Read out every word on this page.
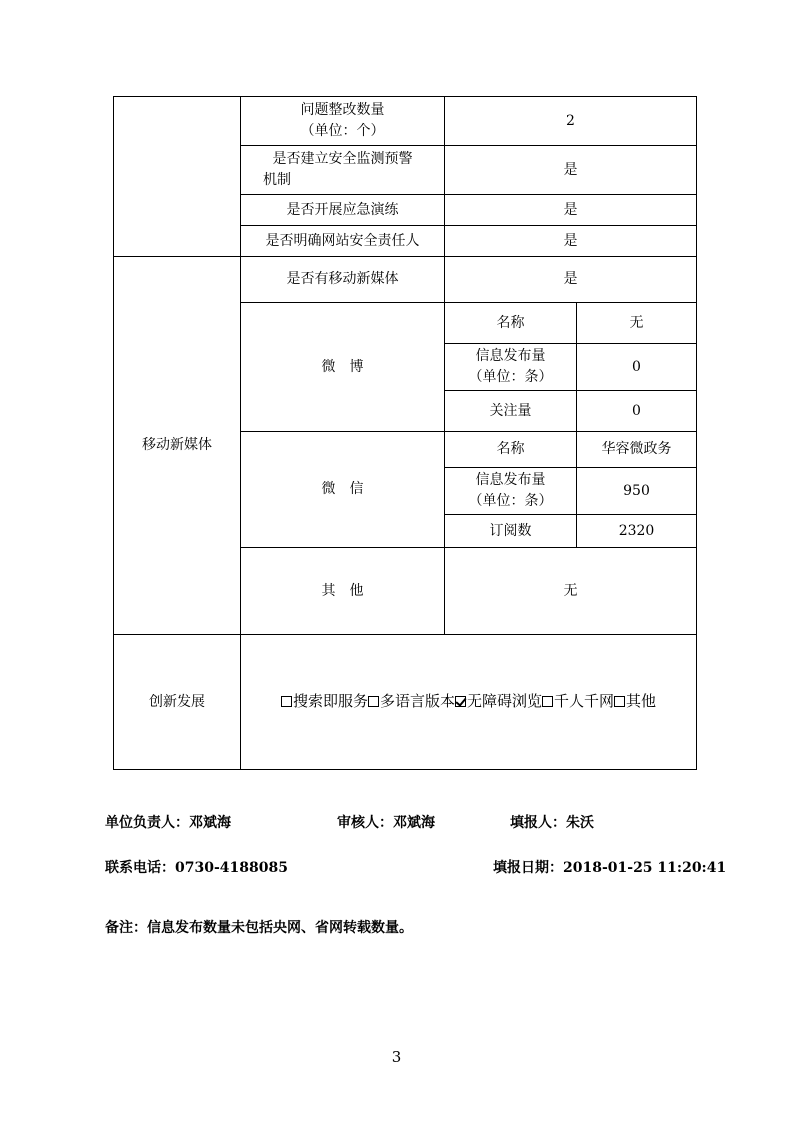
	问题整改数量
（单位：个）	2	

	是否建立安全监测预警
机制	是	
	是否开展应急演练	是	
	是否明确网站安全责任人	是	
移动新媒体	是否有移动新媒体	是	
	微　博	名称	无

		信息发布量
（单位：条）	0
		关注量	0
	微　信	名称	华容微政务

		信息发布量
（单位：条）	950
		订阅数	2320
	其　他	无	
创新发展	搜索即服务 多语言版本 无障碍浏览 千人千网 其他		
单位负责人：邓斌海	审核人：邓斌海	填报人：朱沃
联系电话：0730-4188085	填报日期：2018-01-25 11:20:41
备注：信息发布数量未包括央网、省网转载数量。
3
